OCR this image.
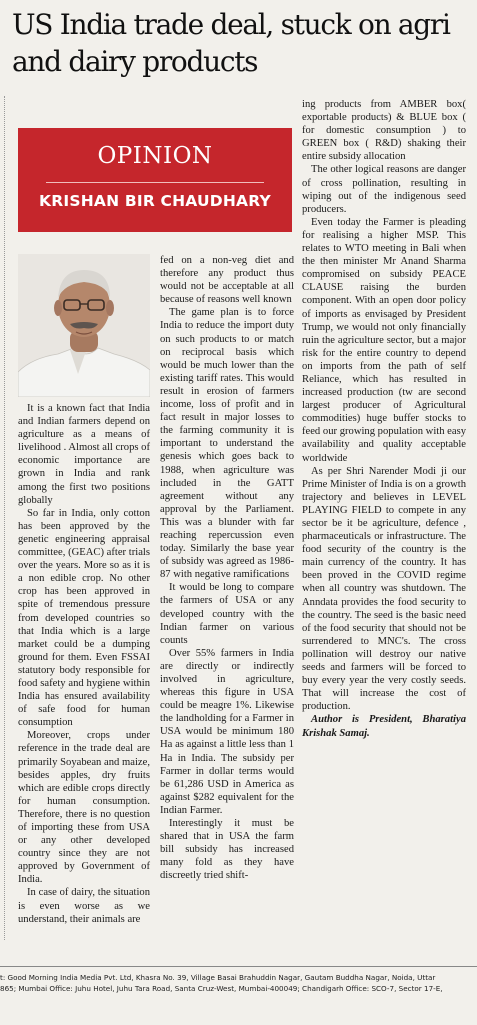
US India trade deal, stuck on agri and dairy products
OPINION
KRISHAN BIR CHAUDHARY

It is a known fact that India and Indian farmers depend on agriculture as a means of livelihood . Almost all crops of economic importance are grown in India and rank among the first two positions globally

So far in India, only cotton has been approved by the genetic engineering appraisal committee, (GEAC) after trials over the years. More so as it is a non edible crop. No other crop has been approved in spite of tremendous pressure from developed countries so that India which is a large market could be a dumping ground for them. Even FSSAI statutory body responsible for food safety and hygiene within India has ensured availability of safe food for human consumption

Moreover, crops under reference in the trade deal are primarily Soyabean and maize, besides apples, dry fruits which are edible crops directly for human consumption. Therefore, there is no question of importing these from USA or any other developed country since they are not approved by Government of India.

In case of dairy, the situation is even worse as we understand, their animals are

fed on a non-veg diet and therefore any product thus would not be acceptable at all because of reasons well known

The game plan is to force India to reduce the import duty on such products to or match on reciprocal basis which would be much lower than the existing tariff rates. This would result in erosion of farmers income, loss of profit and in fact result in major losses to the farming community it is important to understand the genesis which goes back to 1988, when agriculture was included in the GATT agreement without any approval by the Parliament. This was a blunder with far reaching repercussion even today. Similarly the base year of subsidy was agreed as 1986-87 with negative ramifications

It would be long to compare the farmers of USA or any developed country with the Indian farmer on various counts

Over 55% farmers in India are directly or indirectly involved in agriculture, whereas this figure in USA could be meagre 1%. Likewise the landholding for a Farmer in USA would be minimum 180 Ha as against a little less than 1 Ha in India. The subsidy per Farmer in dollar terms would be 61,286 USD in America as against $282 equivalent for the Indian Farmer.

Interestingly it must be shared that in USA the farm bill subsidy has increased many fold as they have discreetly tried shift-

ing products from AMBER box( exportable products) & BLUE box ( for domestic consumption ) to GREEN box ( R&D) shaking their entire subsidy allocation

The other logical reasons are danger of cross pollination, resulting in wiping out of the indigenous seed producers.

Even today the Farmer is pleading for realising a higher MSP. This relates to WTO meeting in Bali when the then minister Mr Anand Sharma compromised on subsidy PEACE CLAUSE raising the burden component. With an open door policy of imports as envisaged by President Trump, we would not only financially ruin the agriculture sector, but a major risk for the entire country to depend on imports from the path of self Reliance, which has resulted in increased production (tw are second largest producer of Agricultural commodities) huge buffer stocks to feed our growing population with easy availability and quality acceptable worldwide

As per Shri Narender Modi ji our Prime Minister of India is on a growth trajectory and believes in LEVEL PLAYING FIELD to compete in any sector be it be agriculture, defence , pharmaceuticals or infrastructure. The food security of the country is the main currency of the country. It has been proved in the COVID regime when all country was shutdown. The Anndata provides the food security to the country. The seed is the basic need of the food security that should not be surrendered to MNC's. The cross pollination will destroy our native seeds and farmers will be forced to buy every year the very costly seeds. That will increase the cost of production.

Author is President, Bharatiya Krishak Samaj.

t: Good Morning India Media Pvt. Ltd, Khasra No. 39, Village Basai Brahuddin Nagar, Gautam Buddha Nagar, Noida, Uttar
865; Mumbai Office: Juhu Hotel, Juhu Tara Road, Santa Cruz-West, Mumbai-400049; Chandigarh Office: SCO-7, Sector 17-E,
